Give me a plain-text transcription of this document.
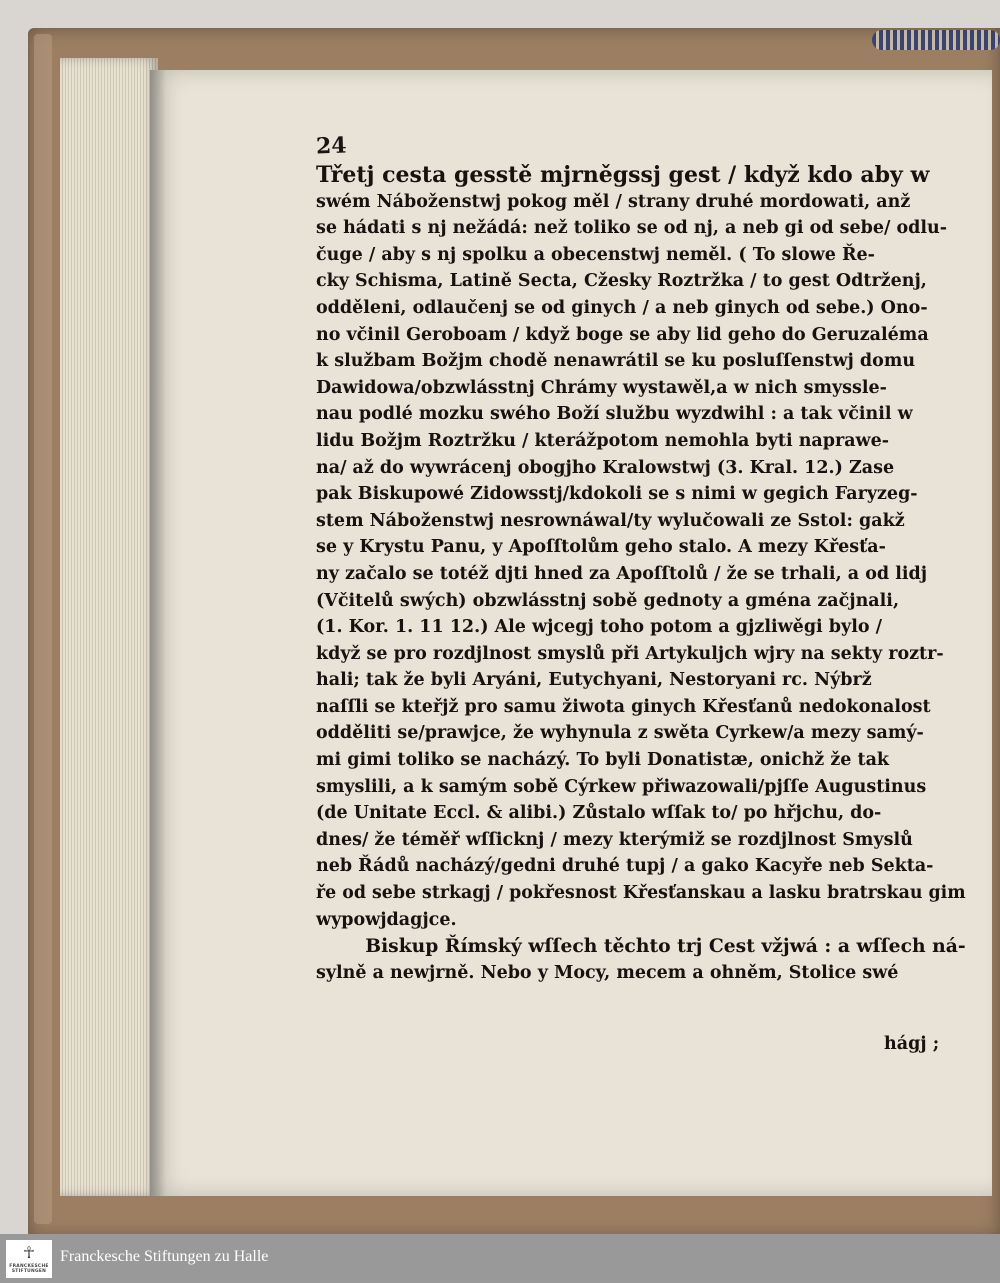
24
Třetj cesta gesstě mjrněgssj gest / když kdo aby w
swém Náboženstwj pokog měl / strany druhé mordowati, anž
se hádati s nj nežádá: než toliko se od nj, a neb gi od sebe/ odlu-
čuge / aby s nj spolku a obecenstwj neměl. ( To slowe Ře-
cky Schisma, Latině Secta, Cžesky Roztržka / to gest Odtrženj,
odděleni, odlaučenj se od ginych / a neb ginych od sebe.) Ono-
no včinil Geroboam / když boge se aby lid geho do Geruzaléma
k službam Božjm chodě nenawrátil se ku posluſſenstwj domu
Dawidowa/obzwlásstnj Chrámy wystawěl,a w nich smyssle-
nau podlé mozku swého Boží službu wyzdwihl : a tak včinil w
lidu Božjm Roztržku / kterážpotom nemohla byti naprawe-
na/ až do wywrácenj obogjho Kralowstwj (3. Kral. 12.) Zase
pak Biskupowé Zidowsstj/kdokoli se s nimi w gegich Faryzeg-
stem Náboženstwj nesrownáwal/ty wylučowali ze Sstol: gakž
se y Krystu Panu, y Apoſſtolům geho stalo. A mezy Křesťa-
ny začalo se totéž djti hned za Apoſſtolů / že se trhali, a od lidj
(Včitelů swých) obzwlásstnj sobě gednoty a gména začjnali,
(1. Kor. 1. 11 12.) Ale wjcegj toho potom a gjzliwěgi bylo /
když se pro rozdjlnost smyslů při Artykuljch wjry na sekty roztr-
hali; tak že byli Aryáni, Eutychyani, Nestoryani rc. Nýbrž
naſſli se kteřjž pro samu žiwota ginych Křesťanů nedokonalost
odděliti se/prawjce, že wyhynula z swěta Cyrkew/a mezy samý-
mi gimi toliko se nacházý. To byli Donatistæ, onichž že tak
smyslili, a k samým sobě Cýrkew přiwazowali/pjſſe Augustinus
(de Unitate Eccl. & alibi.) Zůstalo wſſak to/ po hřjchu, do-
dnes/ že téměř wſſicknj / mezy kterýmiž se rozdjlnost Smyslů
neb Řádů nacházý/gedni druhé tupj / a gako Kacyře neb Sekta-
ře od sebe strkagj / pokřesnost Křesťanskau a lasku bratrskau gim
wypowjdagjce.
Biskup Římský wſſech těchto trj Cest vžjwá : a wſſech ná-
sylně a newjrně. Nebo y Mocy, mecem a ohněm, Stolice swé
hágj ;
☥
FRANCKESCHE STIFTUNGEN
Franckesche Stiftungen zu Halle
